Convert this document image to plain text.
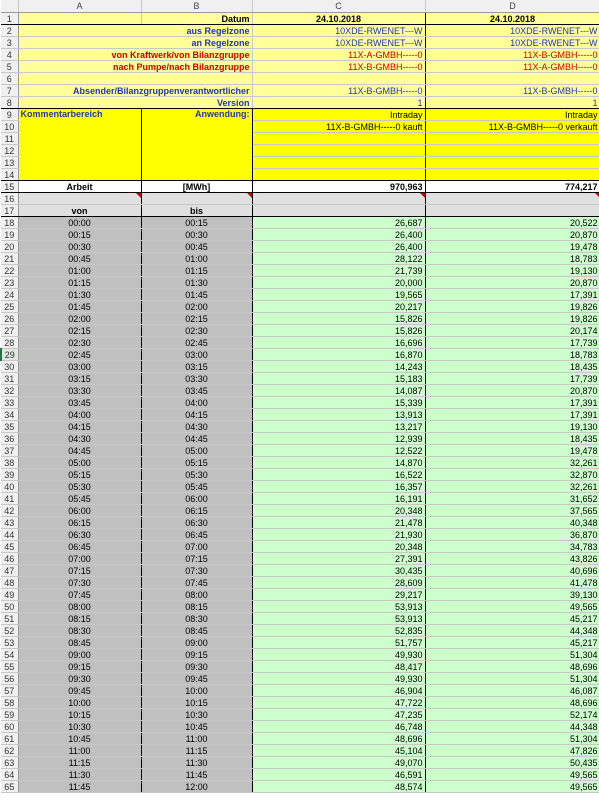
	A	B	C	D
1		Datum	24.10.2018	24.10.2018
2	aus Regelzone		10XDE-RWENET---W	10XDE-RWENET---W
3	an Regelzone		10XDE-RWENET---W	10XDE-RWENET---W
4	von Kraftwerk/von Bilanzgruppe		11X-A-GMBH-----0	11X-B-GMBH-----0
5	nach Pumpe/nach Bilanzgruppe		11X-B-GMBH-----0	11X-A-GMBH-----0
6				
7	Absender/Bilanzgruppenverantwortlicher		11X-B-GMBH-----0	11X-B-GMBH-----0
8	Version		1	1
9	Kommentarbereich	Anwendung:	Intraday	Intraday
10			11X-B-GMBH-----0 kauft	11X-B-GMBH-----0 verkauft
11				
12				
13				
14				
15	Arbeit	[MWh]	970,963	774,217
16				
17	von	bis		
18	00:00	00:15	26,687	20,522
19	00:15	00:30	26,400	20,870
20	00:30	00:45	26,400	19,478
21	00:45	01:00	28,122	18,783
22	01:00	01:15	21,739	19,130
23	01:15	01:30	20,000	20,870
24	01:30	01:45	19,565	17,391
25	01:45	02:00	20,217	19,826
26	02:00	02:15	15,826	19,826
27	02:15	02:30	15,826	20,174
28	02:30	02:45	16,696	17,739
29	02:45	03:00	16,870	18,783
30	03:00	03:15	14,243	18,435
31	03:15	03:30	15,183	17,739
32	03:30	03:45	14,087	20,870
33	03:45	04:00	15,339	17,391
34	04:00	04:15	13,913	17,391
35	04:15	04:30	13,217	19,130
36	04:30	04:45	12,939	18,435
37	04:45	05:00	12,522	19,478
38	05:00	05:15	14,870	32,261
39	05:15	05:30	16,522	32,870
40	05:30	05:45	16,357	32,261
41	05:45	06:00	16,191	31,652
42	06:00	06:15	20,348	37,565
43	06:15	06:30	21,478	40,348
44	06:30	06:45	21,930	36,870
45	06:45	07:00	20,348	34,783
46	07:00	07:15	27,391	43,826
47	07:15	07:30	30,435	40,696
48	07:30	07:45	28,609	41,478
49	07:45	08:00	29,217	39,130
50	08:00	08:15	53,913	49,565
51	08:15	08:30	53,913	45,217
52	08:30	08:45	52,835	44,348
53	08:45	09:00	51,757	45,217
54	09:00	09:15	49,930	51,304
55	09:15	09:30	48,417	48,696
56	09:30	09:45	49,930	51,304
57	09:45	10:00	46,904	46,087
58	10:00	10:15	47,722	48,696
59	10:15	10:30	47,235	52,174
60	10:30	10:45	46,748	44,348
61	10:45	11:00	48,696	51,304
62	11:00	11:15	45,104	47,826
63	11:15	11:30	49,070	50,435
64	11:30	11:45	46,591	49,565
65	11:45	12:00	48,574	49,565
